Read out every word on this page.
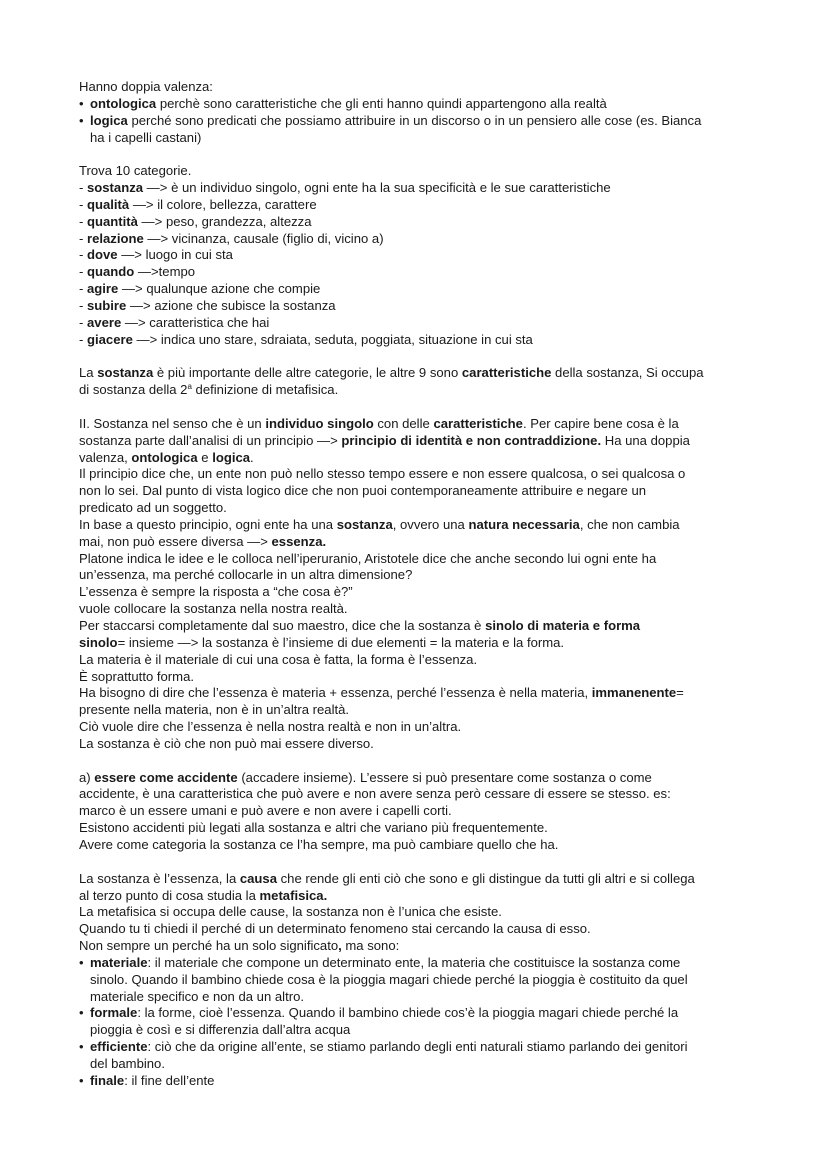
Hanno doppia valenza:
• ontologica perchè sono caratteristiche che gli enti hanno quindi appartengono alla realtà
• logica perché sono predicati che possiamo attribuire in un discorso o in un pensiero alle cose (es. Bianca
ha i capelli castani)
Trova 10 categorie.
- sostanza —> è un individuo singolo, ogni ente ha la sua specificità e le sue caratteristiche
- qualità —> il colore, bellezza, carattere
- quantità —> peso, grandezza, altezza
- relazione —> vicinanza, causale (figlio di, vicino a)
- dove —> luogo in cui sta
- quando —>tempo
- agire —> qualunque azione che compie
- subire —> azione che subisce la sostanza
- avere —> caratteristica che hai
- giacere —> indica uno stare, sdraiata, seduta, poggiata, situazione in cui sta
La sostanza è più importante delle altre categorie, le altre 9 sono caratteristiche della sostanza, Si occupa
di sostanza della 2$^a$ definizione di metafisica.
II. Sostanza nel senso che è un individuo singolo con delle caratteristiche. Per capire bene cosa è la
sostanza parte dall’analisi di un principio —> principio di identità e non contraddizione. Ha una doppia
valenza, ontologica e logica.
Il principio dice che, un ente non può nello stesso tempo essere e non essere qualcosa, o sei qualcosa o
non lo sei. Dal punto di vista logico dice che non puoi contemporaneamente attribuire e negare un
predicato ad un soggetto.
In base a questo principio, ogni ente ha una sostanza, ovvero una natura necessaria, che non cambia
mai, non può essere diversa —> essenza.
Platone indica le idee e le colloca nell’iperuranio, Aristotele dice che anche secondo lui ogni ente ha
un’essenza, ma perché collocarle in un altra dimensione?
L’essenza è sempre la risposta a “che cosa è?”
vuole collocare la sostanza nella nostra realtà.
Per staccarsi completamente dal suo maestro, dice che la sostanza è sinolo di materia e forma
sinolo= insieme —> la sostanza è l’insieme di due elementi = la materia e la forma.
La materia è il materiale di cui una cosa è fatta, la forma è l’essenza.
È soprattutto forma.
Ha bisogno di dire che l’essenza è materia + essenza, perché l’essenza è nella materia, immanenente=
presente nella materia, non è in un’altra realtà.
Ciò vuole dire che l’essenza è nella nostra realtà e non in un’altra.
La sostanza è ciò che non può mai essere diverso.
a) essere come accidente (accadere insieme). L’essere si può presentare come sostanza o come
accidente, è una caratteristica che può avere e non avere senza però cessare di essere se stesso. es:
marco è un essere umani e può avere e non avere i capelli corti.
Esistono accidenti più legati alla sostanza e altri che variano più frequentemente.
Avere come categoria la sostanza ce l’ha sempre, ma può cambiare quello che ha.
La sostanza è l’essenza, la causa che rende gli enti ciò che sono e gli distingue da tutti gli altri e si collega
al terzo punto di cosa studia la metafisica.
La metafisica si occupa delle cause, la sostanza non è l’unica che esiste.
Quando tu ti chiedi il perché di un determinato fenomeno stai cercando la causa di esso.
Non sempre un perché ha un solo significato, ma sono:
• materiale: il materiale che compone un determinato ente, la materia che costituisce la sostanza come
sinolo. Quando il bambino chiede cosa è la pioggia magari chiede perché la pioggia è costituito da quel
materiale specifico e non da un altro.
• formale: la forme, cioè l’essenza. Quando il bambino chiede cos’è la pioggia magari chiede perché la
pioggia è così e si differenzia dall’altra acqua
• efficiente: ciò che da origine all’ente, se stiamo parlando degli enti naturali stiamo parlando dei genitori
del bambino.
• finale: il fine dell’ente
